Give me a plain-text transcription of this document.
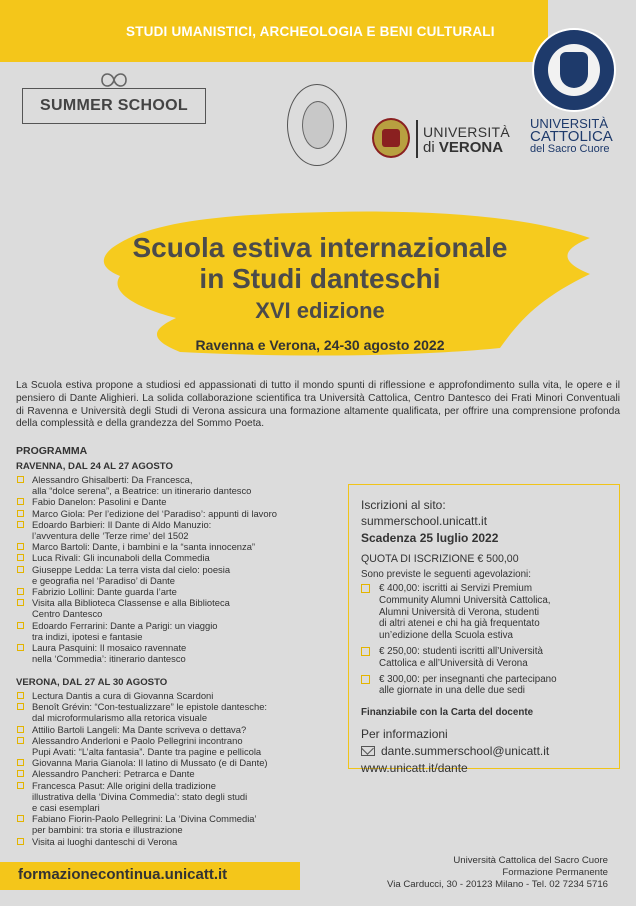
STUDI UMANISTICI, ARCHEOLOGIA E BENI CULTURALI
SUMMER SCHOOL
UNIVERSITÀ
di VERONA
UNIVERSITÀ
CATTOLICA
del Sacro Cuore
Scuola estiva internazionale
in Studi danteschi
XVI edizione
Ravenna e Verona, 24-30 agosto 2022
La Scuola estiva propone a studiosi ed appassionati di tutto il mondo spunti di riflessione e approfondimento sulla vita, le opere e il pensiero di Dante Alighieri. La solida collaborazione scientifica tra Università Cattolica, Centro Dantesco dei Frati Minori Conventuali di Ravenna e Università degli Studi di Verona assicura una formazione altamente qualificata, per offrire una comprensione profonda della complessità e della grandezza del Sommo Poeta.
PROGRAMMA
RAVENNA, DAL 24 AL 27 AGOSTO
Alessandro Ghisalberti: Da Francesca,
alla “dolce serena”, a Beatrice: un itinerario dantesco
Fabio Danelon: Pasolini e Dante
Marco Giola: Per l’edizione del ‘Paradiso’: appunti di lavoro
Edoardo Barbieri: Il Dante di Aldo Manuzio:
l’avventura delle ‘Terze rime’ del 1502
Marco Bartoli: Dante, i bambini e la “santa innocenza”
Luca Rivali: Gli incunaboli della Commedia
Giuseppe Ledda: La terra vista dal cielo: poesia
e geografia nel ‘Paradiso’ di Dante
Fabrizio Lollini: Dante guarda l’arte
Visita alla Biblioteca Classense e alla Biblioteca
Centro Dantesco
Edoardo Ferrarini: Dante a Parigi: un viaggio
tra indizi, ipotesi e fantasie
Laura Pasquini: Il mosaico ravennate
nella ‘Commedia’: itinerario dantesco
VERONA, DAL 27 AL 30 AGOSTO
Lectura Dantis a cura di Giovanna Scardoni
Benoît Grévin: “Con-testualizzare” le epistole dantesche:
dal microformularismo alla retorica visuale
Attilio Bartoli Langeli: Ma Dante scriveva o dettava?
Alessandro Anderloni e Paolo Pellegrini incontrano
Pupi Avati: “L’alta fantasia”. Dante tra pagine e pellicola
Giovanna Maria Gianola: Il latino di Mussato (e di Dante)
Alessandro Pancheri: Petrarca e Dante
Francesca Pasut: Alle origini della tradizione
illustrativa della ‘Divina Commedia’: stato degli studi
e casi esemplari
Fabiano Fiorin-Paolo Pellegrini: La ‘Divina Commedia’
per bambini: tra storia e illustrazione
Visita ai luoghi danteschi di Verona
Iscrizioni al sito:
summerschool.unicatt.it
Scadenza 25 luglio 2022
QUOTA DI ISCRIZIONE € 500,00
Sono previste le seguenti agevolazioni:
€ 400,00: iscritti ai Servizi Premium
Community Alumni Università Cattolica,
Alumni Università di Verona, studenti
di altri atenei e chi ha già frequentato
un’edizione della Scuola estiva
€ 250,00: studenti iscritti all’Università
Cattolica e all’Università di Verona
€ 300,00: per insegnanti che partecipano
alle giornate in una delle due sedi
Finanziabile con la Carta del docente
Per informazioni
dante.summerschool@unicatt.it
www.unicatt.it/dante
formazionecontinua.unicatt.it
Università Cattolica del Sacro Cuore
Formazione Permanente
Via Carducci, 30 - 20123 Milano - Tel. 02 7234 5716
